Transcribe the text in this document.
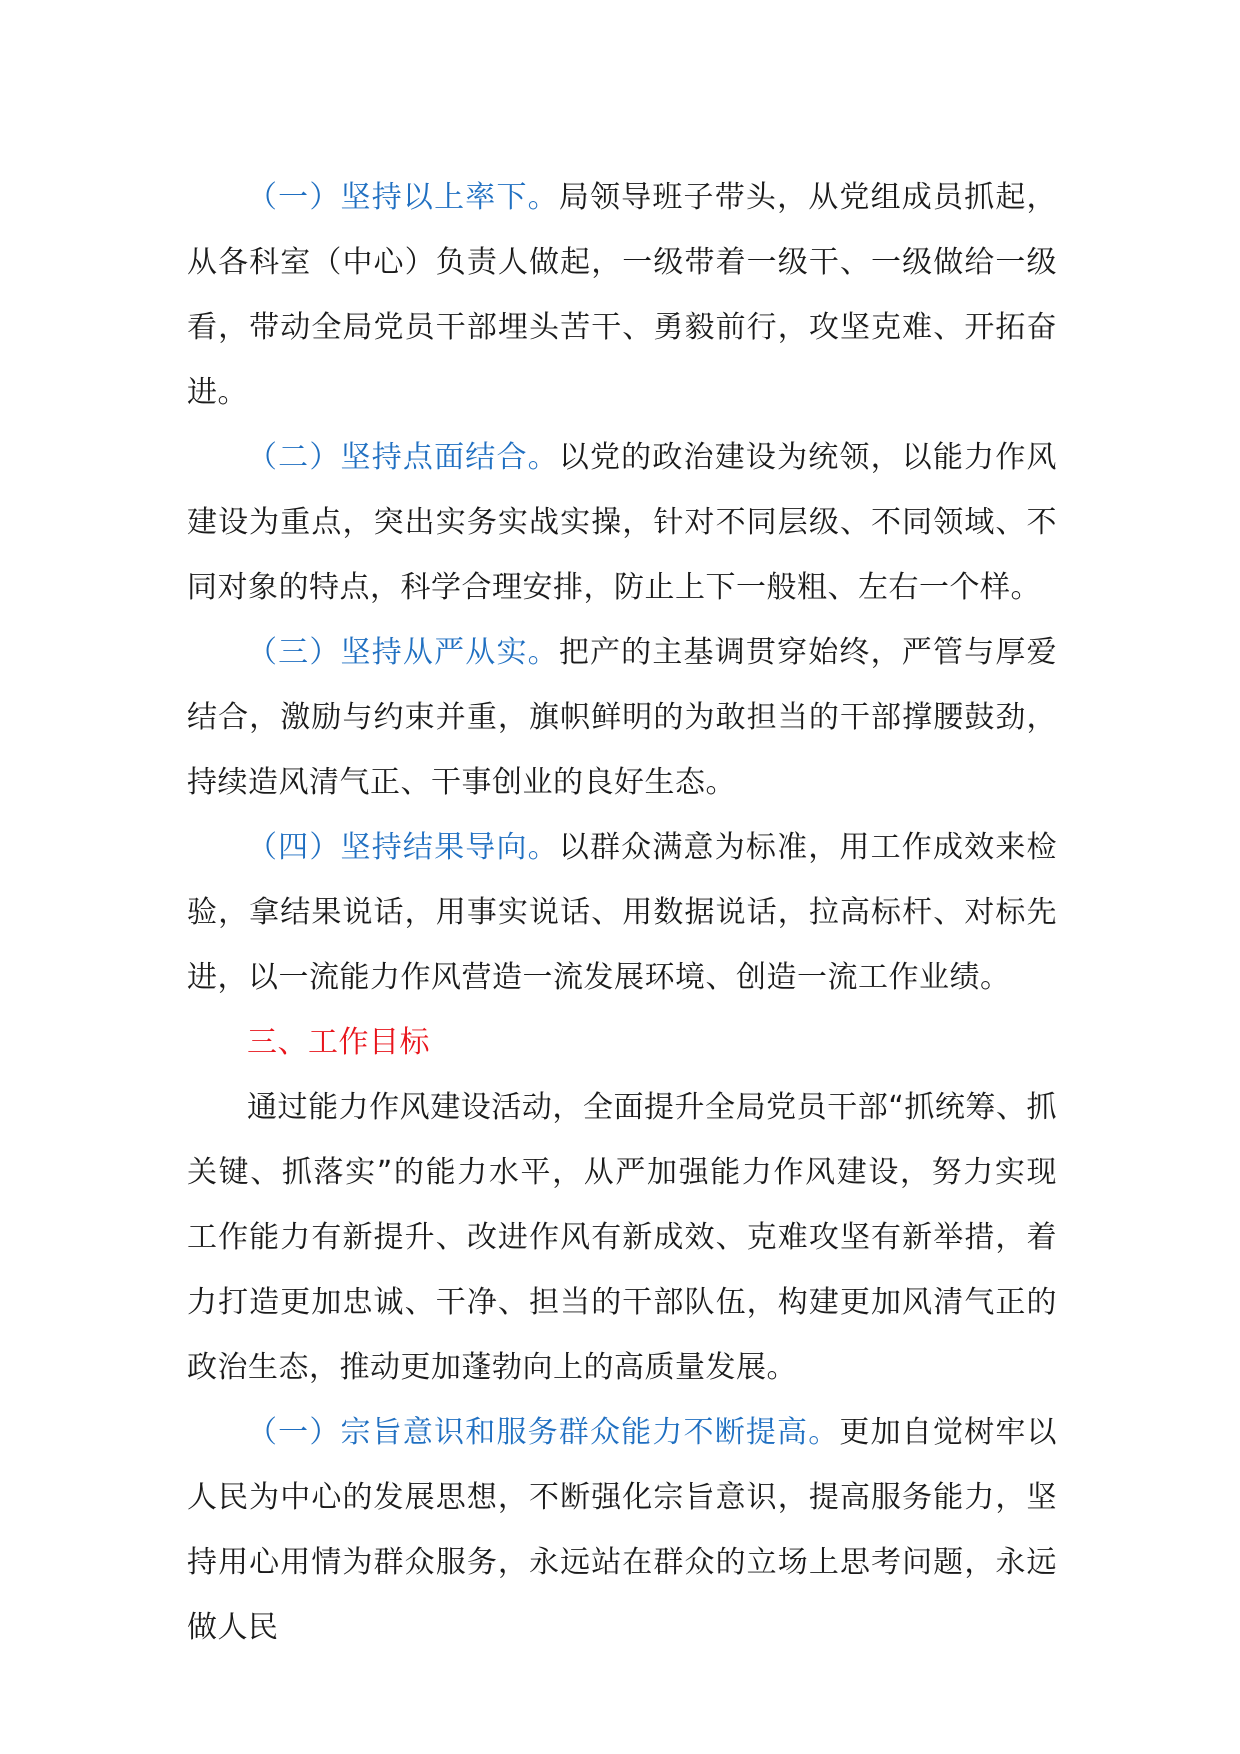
（一）坚持以上率下。局领导班子带头，从党组成员抓起，从各科室（中心）负责人做起，一级带着一级干、一级做给一级看，带动全局党员干部埋头苦干、勇毅前行，攻坚克难、开拓奋进。

（二）坚持点面结合。以党的政治建设为统领，以能力作风建设为重点，突出实务实战实操，针对不同层级、不同领域、不同对象的特点，科学合理安排，防止上下一般粗、左右一个样。

（三）坚持从严从实。把产的主基调贯穿始终，严管与厚爱结合，激励与约束并重，旗帜鲜明的为敢担当的干部撑腰鼓劲，持续造风清气正、干事创业的良好生态。

（四）坚持结果导向。以群众满意为标准，用工作成效来检验，拿结果说话，用事实说话、用数据说话，拉高标杆、对标先进，以一流能力作风营造一流发展环境、创造一流工作业绩。

三、工作目标

通过能力作风建设活动，全面提升全局党员干部“抓统筹、抓关键、抓落实”的能力水平，从严加强能力作风建设，努力实现工作能力有新提升、改进作风有新成效、克难攻坚有新举措，着力打造更加忠诚、干净、担当的干部队伍，构建更加风清气正的政治生态，推动更加蓬勃向上的高质量发展。

（一）宗旨意识和服务群众能力不断提高。更加自觉树牢以人民为中心的发展思想，不断强化宗旨意识，提高服务能力，坚持用心用情为群众服务，永远站在群众的立场上思考问题，永远做人民
